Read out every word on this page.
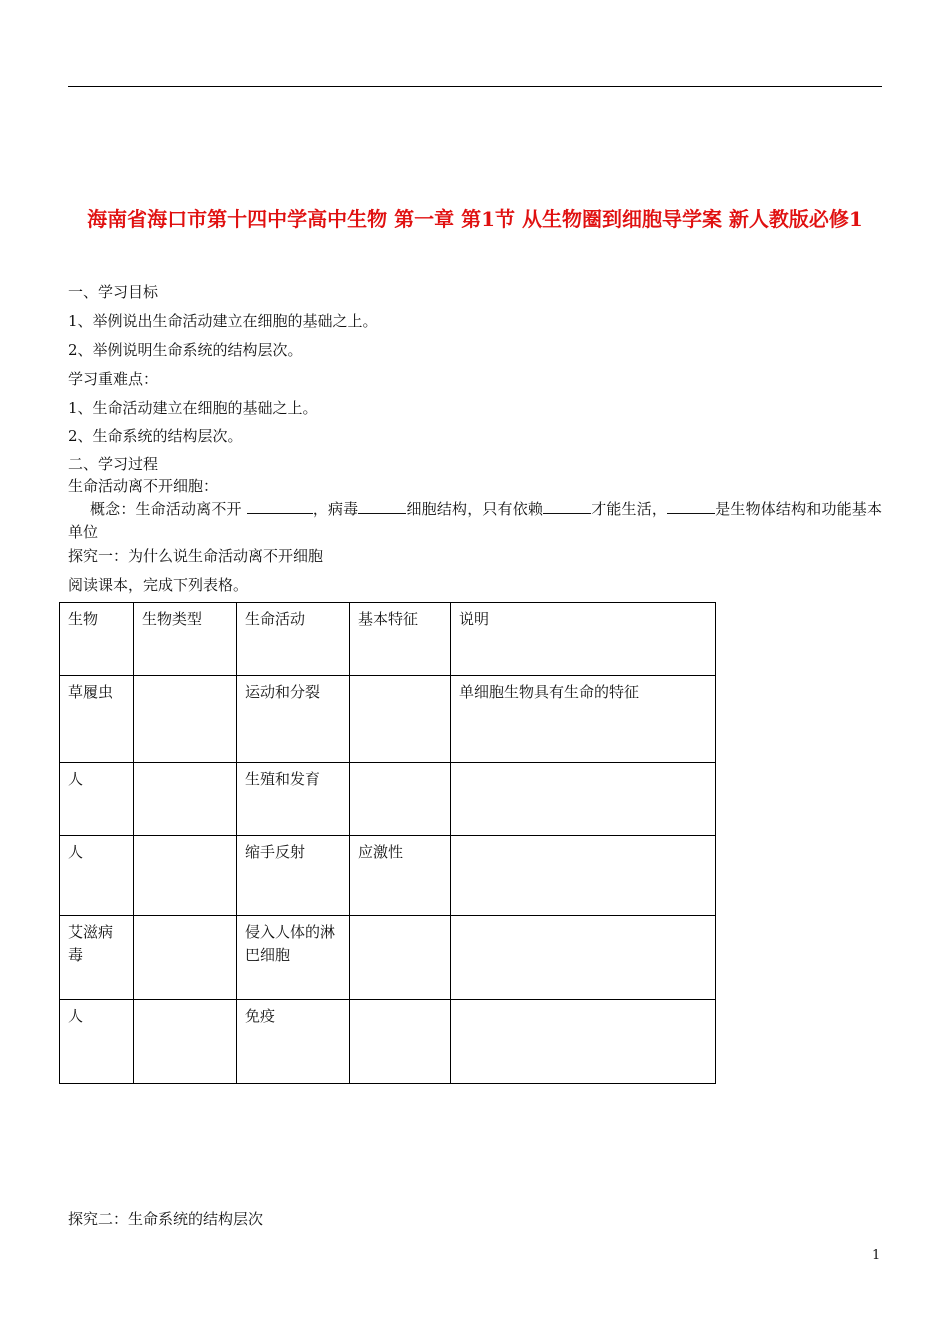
海南省海口市第十四中学高中生物 第一章 第1节 从生物圈到细胞导学案 新人教版必修1
一、学习目标
1、举例说出生命活动建立在细胞的基础之上。
2、举例说明生命系统的结构层次。
学习重难点：
1、生命活动建立在细胞的基础之上。
2、生命系统的结构层次。
二、学习过程
生命活动离不开细胞：
概念：生命活动离不开	，病毒	细胞结构，只有依赖	才能生活，	是生物体结构和功能基本单位
探究一：为什么说生命活动离不开细胞
阅读课本，完成下列表格。
生物	生物类型	生命活动	基本特征	说明
草履虫		运动和分裂		单细胞生物具有生命的特征
人		生殖和发育		
人		缩手反射	应激性	
艾滋病毒		侵入人体的淋巴细胞		
人		免疫		
探究二：生命系统的结构层次
1
